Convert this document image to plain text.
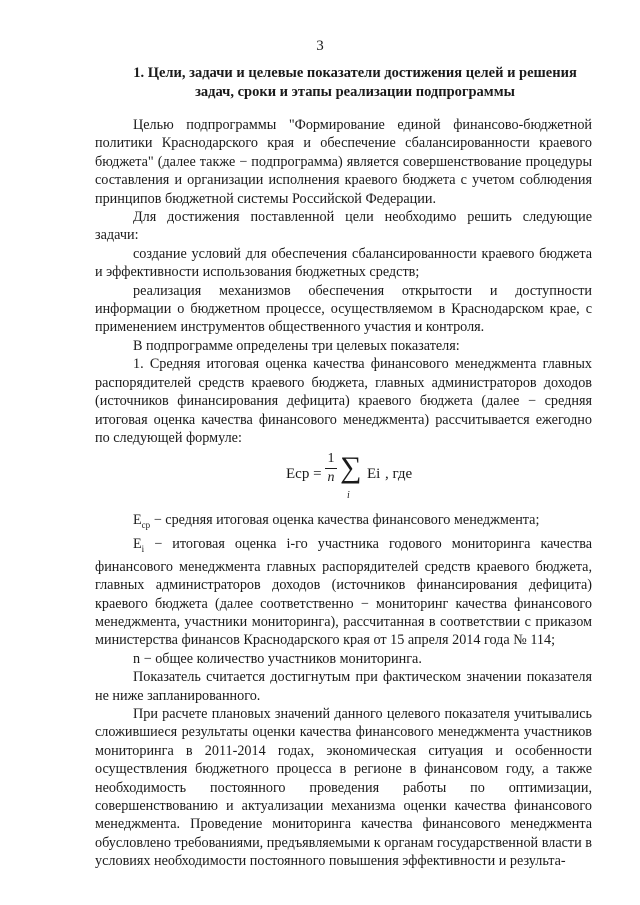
3
1. Цели, задачи и целевые показатели достижения целей и решения задач, сроки и этапы реализации подпрограммы

Целью подпрограммы "Формирование единой финансово-бюджетной политики Краснодарского края и обеспечение сбалансированности краевого бюджета" (далее также − подпрограмма) является совершенствование процедуры составления и организации исполнения краевого бюджета с учетом соблюдения принципов бюджетной системы Российской Федерации.

Для достижения поставленной цели необходимо решить следующие задачи:

создание условий для обеспечения сбалансированности краевого бюджета и эффективности использования бюджетных средств;

реализация механизмов обеспечения открытости и доступности информации о бюджетном процессе, осуществляемом в Краснодарском крае, с применением инструментов общественного участия и контроля.

В подпрограмме определены три целевых показателя:

1. Средняя итоговая оценка качества финансового менеджмента главных распорядителей средств краевого бюджета, главных администраторов доходов (источников финансирования дефицита) краевого бюджета (далее − средняя итоговая оценка качества финансового менеджмента) рассчитывается ежегодно по следующей формуле:

Eср =
1
n ∑
i
Ei , где

$E_{ср}$ − средняя итоговая оценка качества финансового менеджмента;

$E_i$ − итоговая оценка i-го участника годового мониторинга качества финансового менеджмента главных распорядителей средств краевого бюджета, главных администраторов доходов (источников финансирования дефицита) краевого бюджета (далее соответственно − мониторинг качества финансового менеджмента, участники мониторинга), рассчитанная в соответствии с приказом министерства финансов Краснодарского края от 15 апреля 2014 года № 114;

n − общее количество участников мониторинга.

Показатель считается достигнутым при фактическом значении показателя не ниже запланированного.

При расчете плановых значений данного целевого показателя учитывались сложившиеся результаты оценки качества финансового менеджмента участников мониторинга в 2011-2014 годах, экономическая ситуация и особенности осуществления бюджетного процесса в регионе в финансовом году, а также необходимость постоянного проведения работы по оптимизации, совершенствованию и актуализации механизма оценки качества финансового менеджмента. Проведение мониторинга качества финансового менеджмента обусловлено требованиями, предъявляемыми к органам государственной власти в условиях необходимости постоянного повышения эффективности и результа-
